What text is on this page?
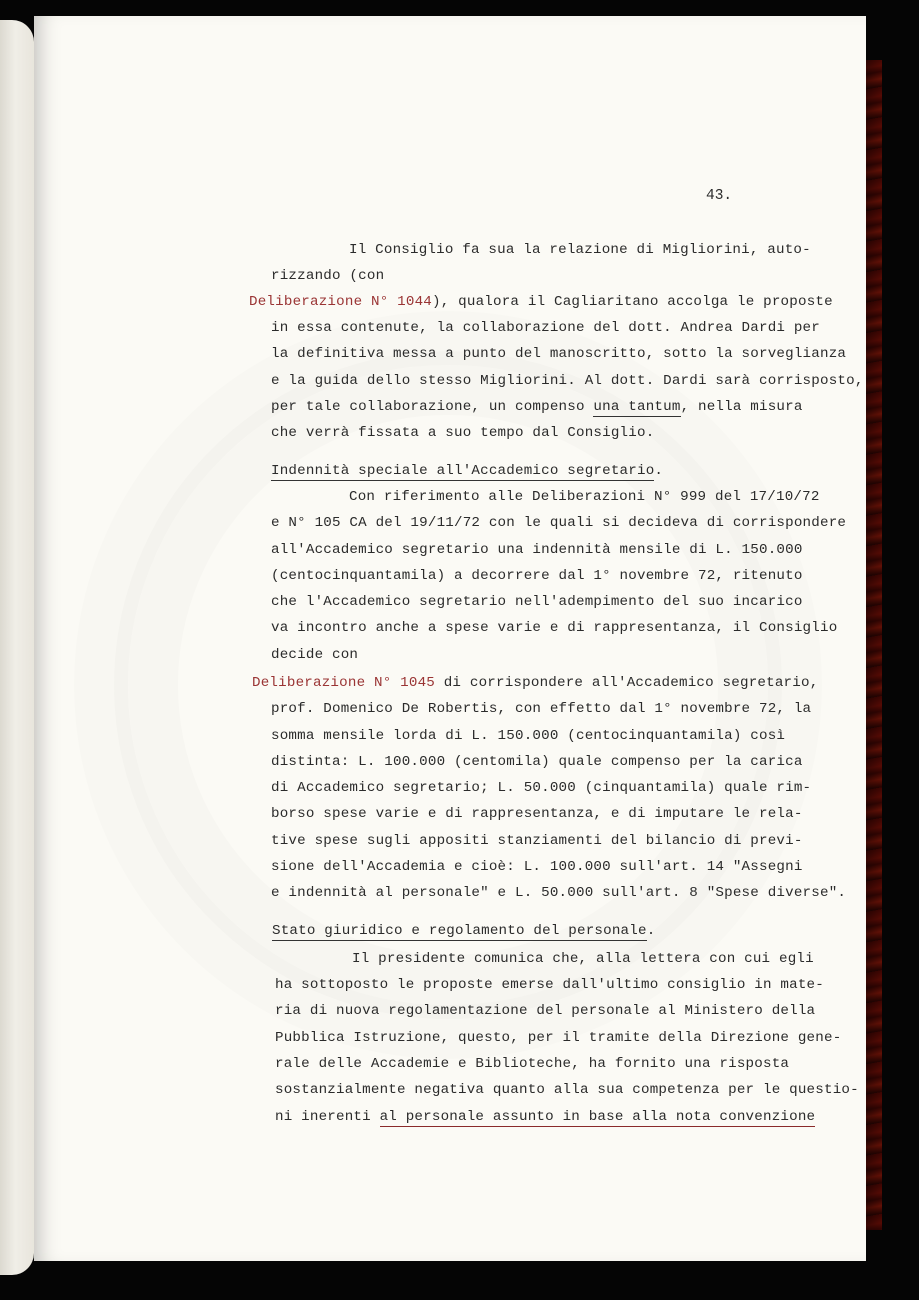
43.
Il Consiglio fa sua la relazione di Migliorini, auto-
rizzando (con
Deliberazione N° 1044), qualora il Cagliaritano accolga le proposte
in essa contenute, la collaborazione del dott. Andrea Dardi per
la definitiva messa a punto del manoscritto, sotto la sorveglianza
e la guida dello stesso Migliorini. Al dott. Dardi sarà corrisposto,
per tale collaborazione, un compenso una tantum, nella misura
che verrà fissata a suo tempo dal Consiglio.
Indennità speciale all'Accademico segretario.
Con riferimento alle Deliberazioni N° 999 del 17/10/72
e N° 105 CA del 19/11/72 con le quali si decideva di corrispondere
all'Accademico segretario una indennità mensile di L. 150.000
(centocinquantamila) a decorrere dal 1° novembre 72, ritenuto
che l'Accademico segretario nell'adempimento del suo incarico
va incontro anche a spese varie e di rappresentanza, il Consiglio
decide con
Deliberazione N° 1045 di corrispondere all'Accademico segretario,
prof. Domenico De Robertis, con effetto dal 1° novembre 72, la
somma mensile lorda di L. 150.000 (centocinquantamila) così
distinta: L. 100.000 (centomila) quale compenso per la carica
di Accademico segretario; L. 50.000 (cinquantamila) quale rim-
borso spese varie e di rappresentanza, e di imputare le rela-
tive spese sugli appositi stanziamenti del bilancio di previ-
sione dell'Accademia e cioè: L. 100.000 sull'art. 14 "Assegni
e indennità al personale" e L. 50.000 sull'art. 8 "Spese diverse".
Stato giuridico e regolamento del personale.
Il presidente comunica che, alla lettera con cui egli
ha sottoposto le proposte emerse dall'ultimo consiglio in mate-
ria di nuova regolamentazione del personale al Ministero della
Pubblica Istruzione, questo, per il tramite della Direzione gene-
rale delle Accademie e Biblioteche, ha fornito una risposta
sostanzialmente negativa quanto alla sua competenza per le questio-
ni inerenti al personale assunto in base alla nota convenzione
